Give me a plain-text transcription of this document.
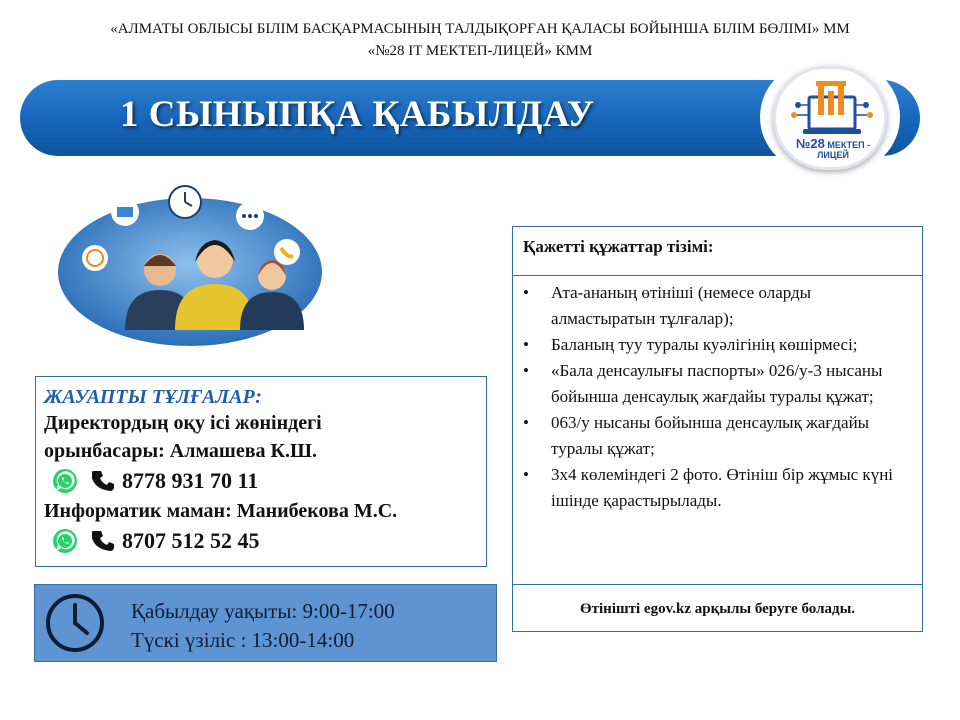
«АЛМАТЫ ОБЛЫСЫ БІЛІМ БАСҚАРМАСЫНЫҢ ТАЛДЫҚОРҒАН ҚАЛАСЫ БОЙЫНША БІЛІМ БӨЛІМІ» ММ
«№28 IT МЕКТЕП-ЛИЦЕЙ» КММ
1 СЫНЫПҚА ҚАБЫЛДАУ
№28 МЕКТЕП - ЛИЦЕЙ
ЖАУАПТЫ ТҰЛҒАЛАР:
Директордың оқу ісі жөніндегі
орынбасары: Алмашева К.Ш.
8778 931 70 11
Информатик маман: Манибекова М.С.
8707 512 52 45
Қабылдау уақыты: 9:00-17:00
Түскі үзіліс : 13:00-14:00
Қажетті құжаттар тізімі:
• Ата-ананың өтініші (немесе оларды алмастыратын тұлғалар);
• Баланың туу туралы куәлігінің көшірмесі;
• «Бала денсаулығы паспорты» 026/у-3 нысаны бойынша денсаулық жағдайы туралы құжат;
• 063/у нысаны бойынша денсаулық жағдайы туралы құжат;
• 3х4 көлеміндегі 2 фото. Өтініш бір жұмыс күні ішінде қарастырылады.
Өтінішті egov.kz арқылы беруге болады.
